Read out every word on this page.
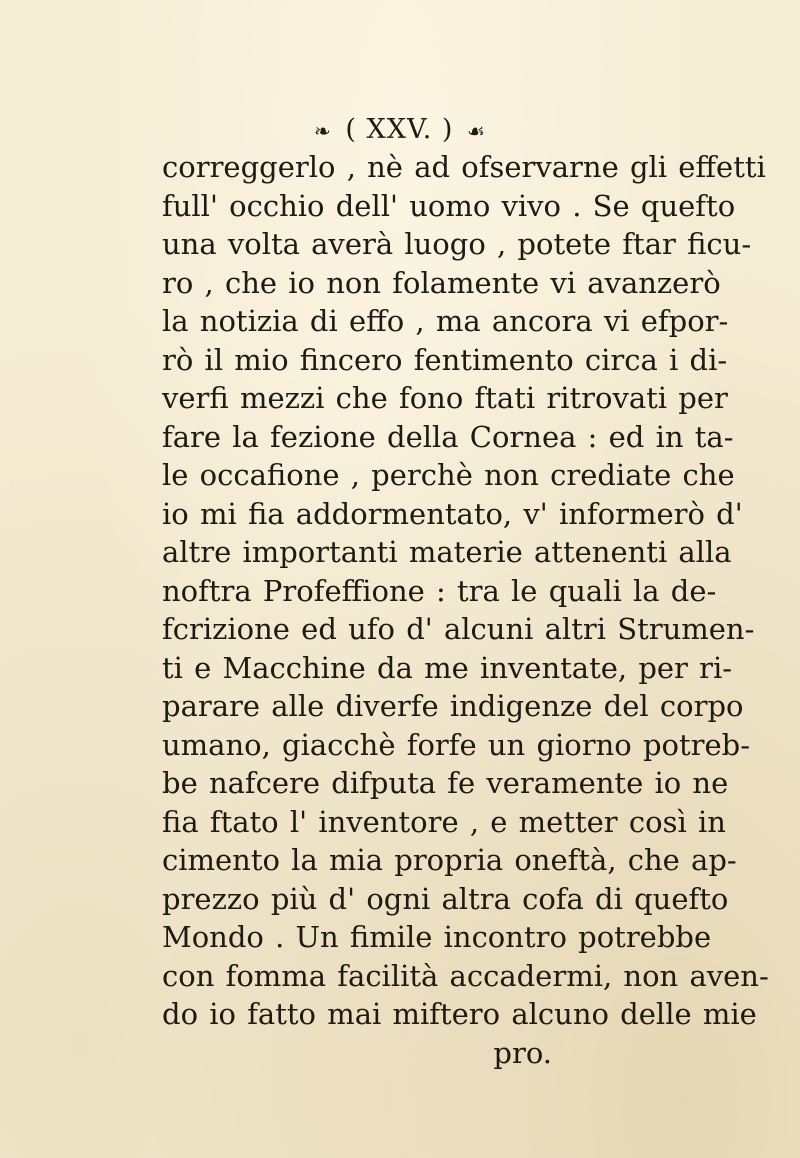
❧ ( XXV. ) ☙
correggerlo , nè ad ofservarne gli effetti
full' occhio dell' uomo vivo . Se quefto
una volta averà luogo , potete ftar ficu-
ro , che io non folamente vi avanzerò
la notizia di effo , ma ancora vi efpor-
rò il mio fincero fentimento circa i di-
verfi mezzi che fono ftati ritrovati per
fare la fezione della Cornea : ed in ta-
le occafione , perchè non crediate che
io mi fia addormentato, v' informerò d'
altre importanti materie attenenti alla
noftra Profeffione : tra le quali la de-
fcrizione ed ufo d' alcuni altri Strumen-
ti e Macchine da me inventate, per ri-
parare alle diverfe indigenze del corpo
umano, giacchè forfe un giorno potreb-
be nafcere difputa fe veramente io ne
fia ftato l' inventore , e metter così in
cimento la mia propria oneftà, che ap-
prezzo più d' ogni altra cofa di quefto
Mondo . Un fimile incontro potrebbe
con fomma facilità accadermi, non aven-
do io fatto mai miftero alcuno delle mie
pro.
